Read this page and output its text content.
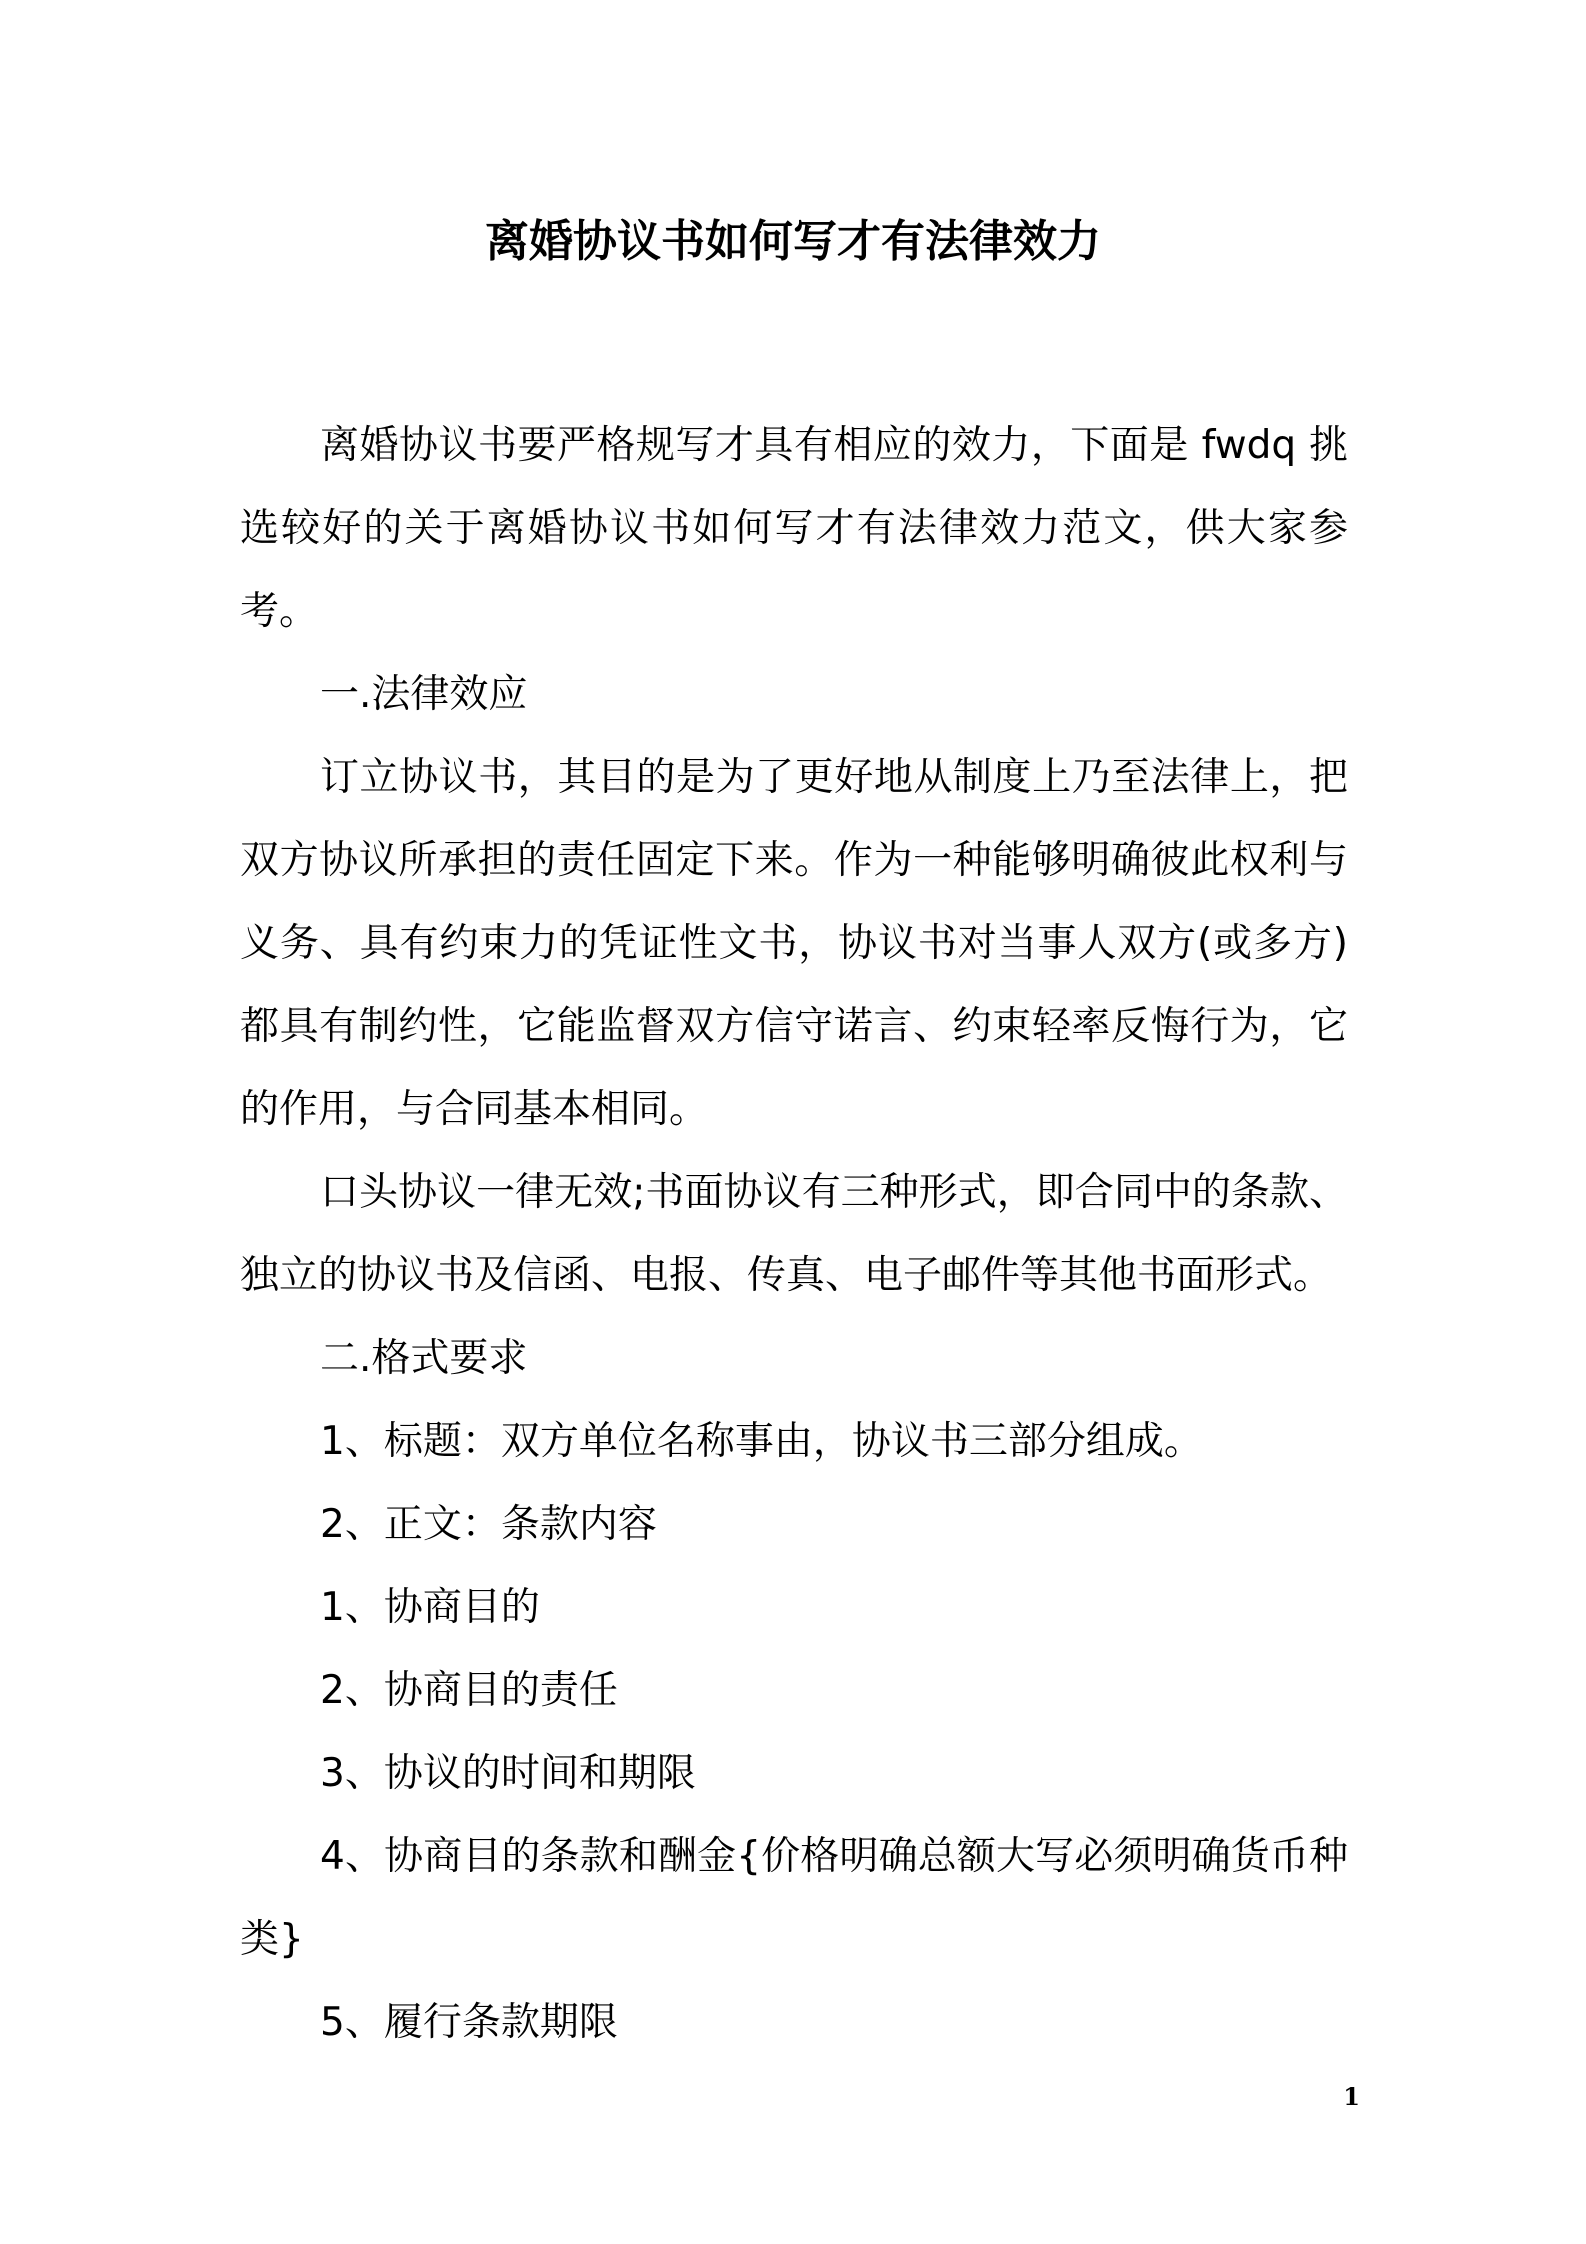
离婚协议书如何写才有法律效力

离婚协议书要严格规写才具有相应的效力，下面是 fwdq 挑选较好的关于离婚协议书如何写才有法律效力范文，供大家参考。

一.法律效应

订立协议书，其目的是为了更好地从制度上乃至法律上，把双方协议所承担的责任固定下来。作为一种能够明确彼此权利与义务、具有约束力的凭证性文书，协议书对当事人双方(或多方)都具有制约性，它能监督双方信守诺言、约束轻率反悔行为，它的作用，与合同基本相同。

口头协议一律无效;书面协议有三种形式，即合同中的条款、独立的协议书及信函、电报、传真、电子邮件等其他书面形式。

二.格式要求

1、标题：双方单位名称事由，协议书三部分组成。

2、正文：条款内容

1、协商目的

2、协商目的责任

3、协议的时间和期限

4、协商目的条款和酬金{价格明确总额大写必须明确货币种类}

5、履行条款期限

1
